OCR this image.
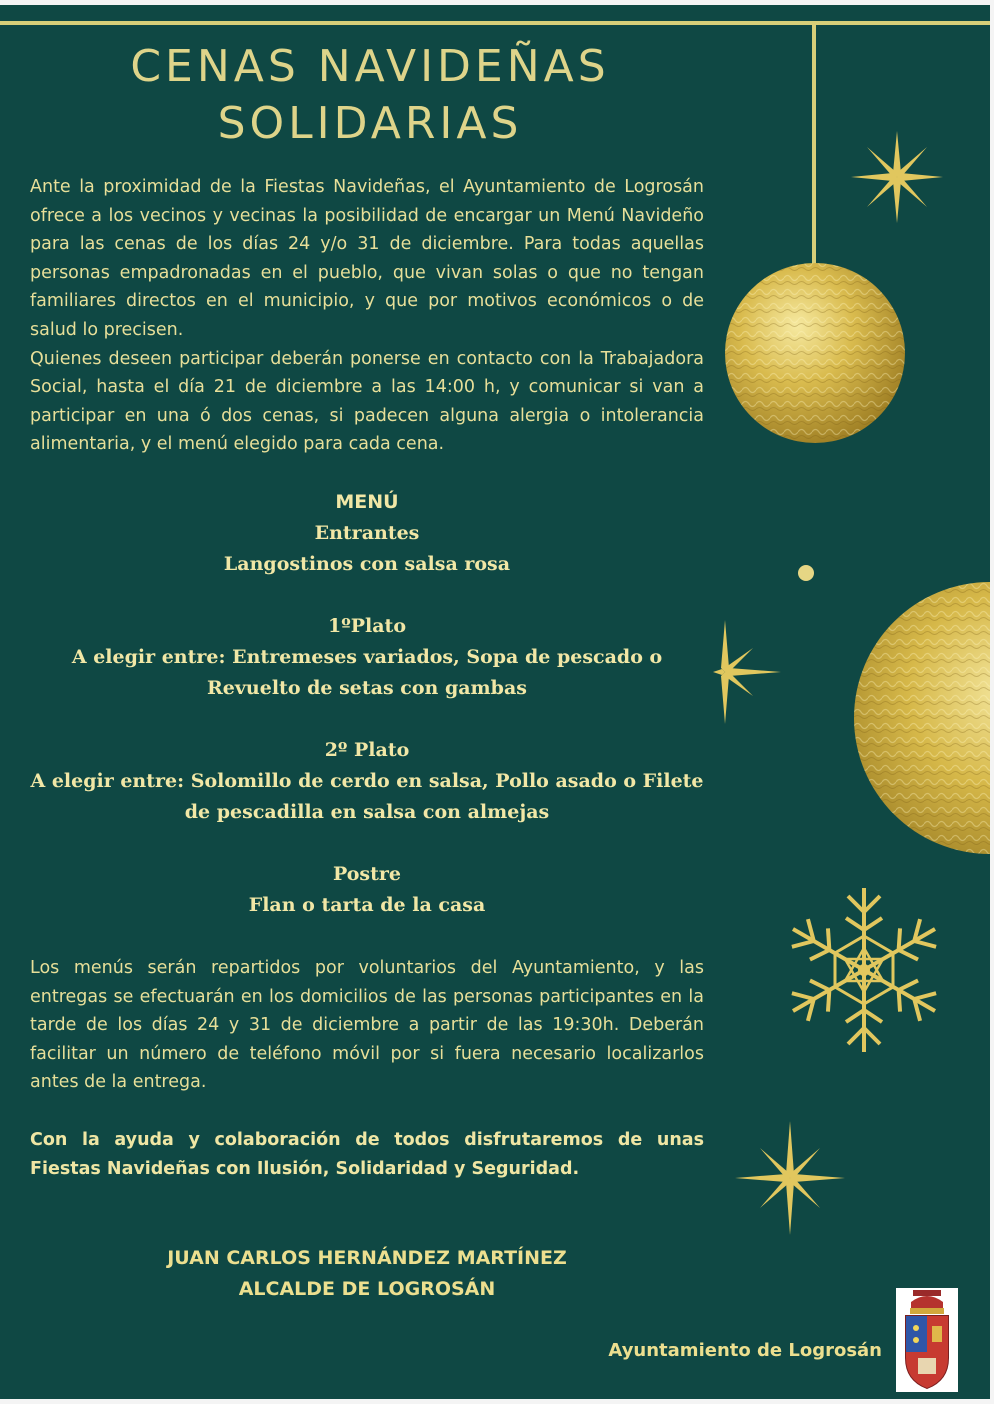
CENAS NAVIDEÑAS
SOLIDARIAS
Ante la proximidad de la Fiestas Navideñas, el Ayuntamiento de Logrosán ofrece a los vecinos y vecinas la posibilidad de encargar un Menú Navideño para las cenas de los días 24 y/o 31 de diciembre. Para todas aquellas personas empadronadas en el pueblo, que vivan solas o que no tengan familiares directos en el municipio, y que por motivos económicos o de salud lo precisen.
Quienes deseen participar deberán ponerse en contacto con la Trabajadora Social, hasta el día 21 de diciembre a las 14:00 h, y comunicar si van a participar en una ó dos cenas, si padecen alguna alergia o intolerancia alimentaria, y el menú elegido para cada cena.
MENÚ
Entrantes
Langostinos con salsa rosa
1ºPlato
A elegir entre: Entremeses variados, Sopa de pescado o
Revuelto de setas con gambas
2º Plato
A elegir entre: Solomillo de cerdo en salsa, Pollo asado o Filete
de pescadilla en salsa con almejas
Postre
Flan o tarta de la casa

Los menús serán repartidos por voluntarios del Ayuntamiento, y las entregas se efectuarán en los domicilios de las personas participantes en la tarde de los días 24 y 31 de diciembre a partir de las 19:30h. Deberán facilitar un número de teléfono móvil por si fuera necesario localizarlos antes de la entrega.

Con la ayuda y colaboración de todos disfrutaremos de unas Fiestas Navideñas con Ilusión, Solidaridad y Seguridad.

JUAN CARLOS HERNÁNDEZ MARTÍNEZ
ALCALDE DE LOGROSÁN
Ayuntamiento de Logrosán
